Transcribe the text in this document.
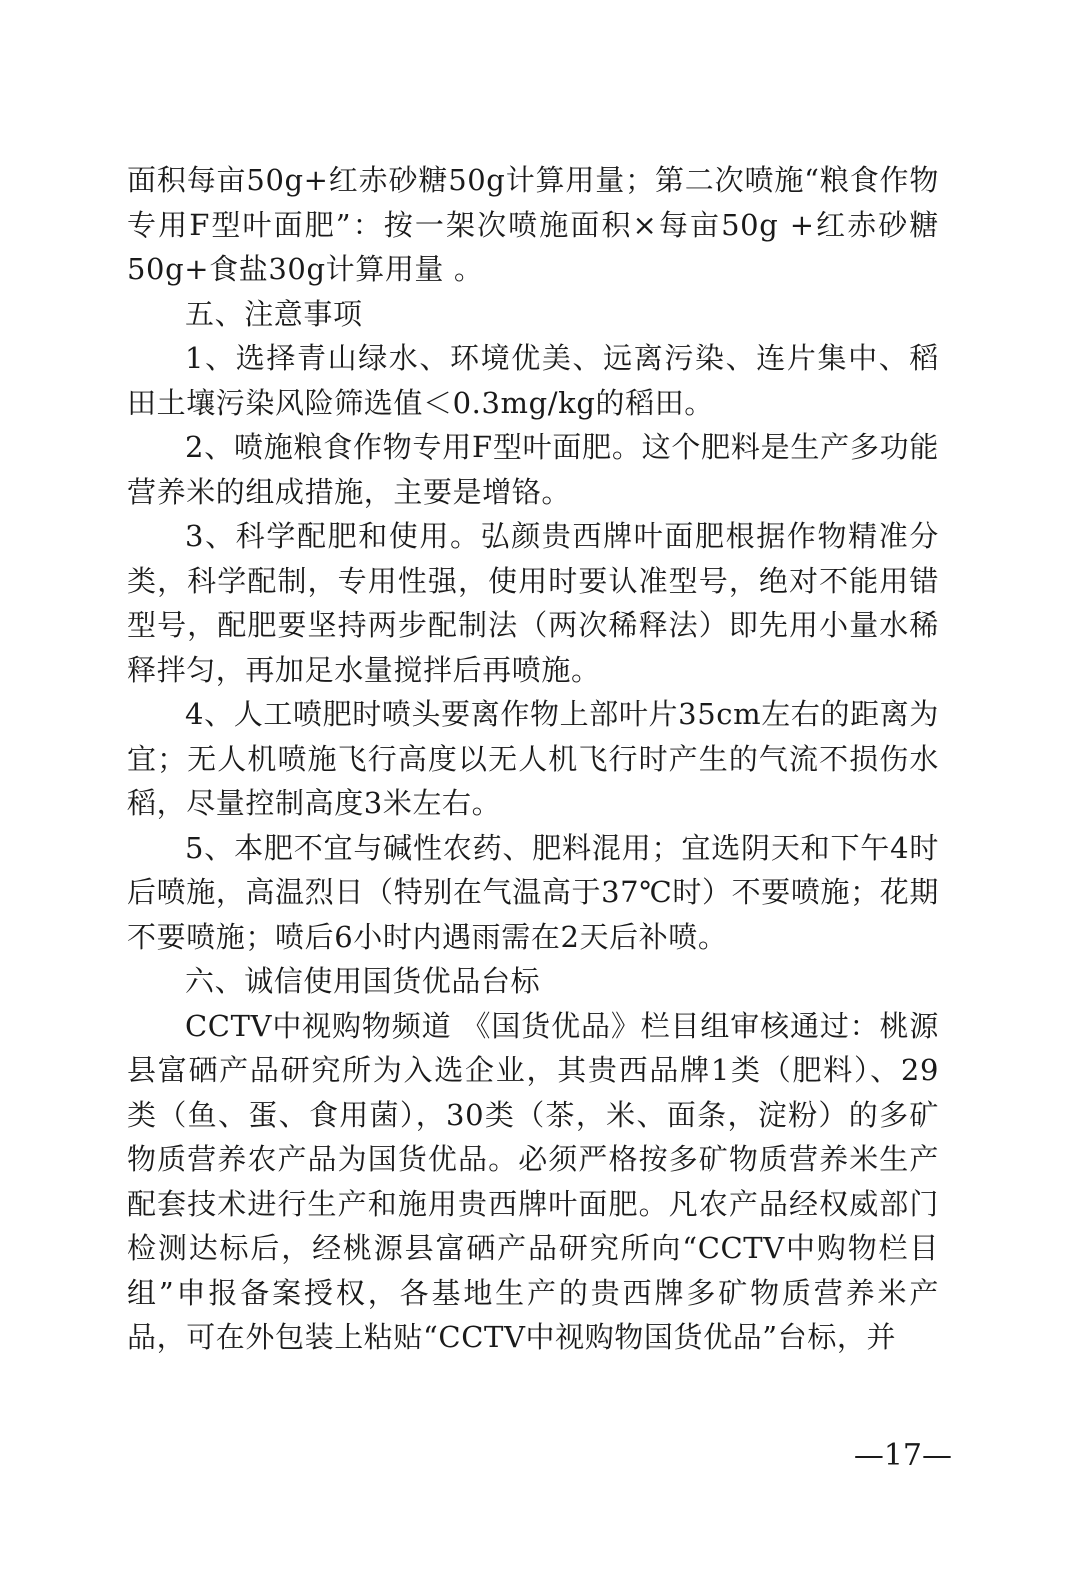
面积每亩50g+红赤砂糖50g计算用量；第二次喷施“粮食作物专用F型叶面肥”：按一架次喷施面积×每亩50g +红赤砂糖50g+食盐30g计算用量 。

五、注意事项

1、选择青山绿水、环境优美、远离污染、连片集中、稻田土壤污染风险筛选值＜0.3mg/kg的稻田。

2、喷施粮食作物专用F型叶面肥。这个肥料是生产多功能营养米的组成措施，主要是增铬。

3、科学配肥和使用。弘颜贵西牌叶面肥根据作物精准分类，科学配制，专用性强，使用时要认准型号，绝对不能用错型号，配肥要坚持两步配制法（两次稀释法）即先用小量水稀释拌匀，再加足水量搅拌后再喷施。

4、人工喷肥时喷头要离作物上部叶片35cm左右的距离为宜；无人机喷施飞行高度以无人机飞行时产生的气流不损伤水稻，尽量控制高度3米左右。

5、本肥不宜与碱性农药、肥料混用；宜选阴天和下午4时后喷施，高温烈日（特别在气温高于37℃时）不要喷施；花期不要喷施；喷后6小时内遇雨需在2天后补喷。

六、诚信使用国货优品台标

CCTV中视购物频道 《国货优品》栏目组审核通过：桃源县富硒产品研究所为入选企业，其贵西品牌1类（肥料）、29类（鱼、蛋、食用菌），30类（茶，米、面条，淀粉）的多矿物质营养农产品为国货优品。必须严格按多矿物质营养米生产配套技术进行生产和施用贵西牌叶面肥。凡农产品经权威部门检测达标后，经桃源县富硒产品研究所向“CCTV中购物栏目组”申报备案授权，各基地生产的贵西牌多矿物质营养米产品，可在外包装上粘贴“CCTV中视购物国货优品”台标，并

—17—
